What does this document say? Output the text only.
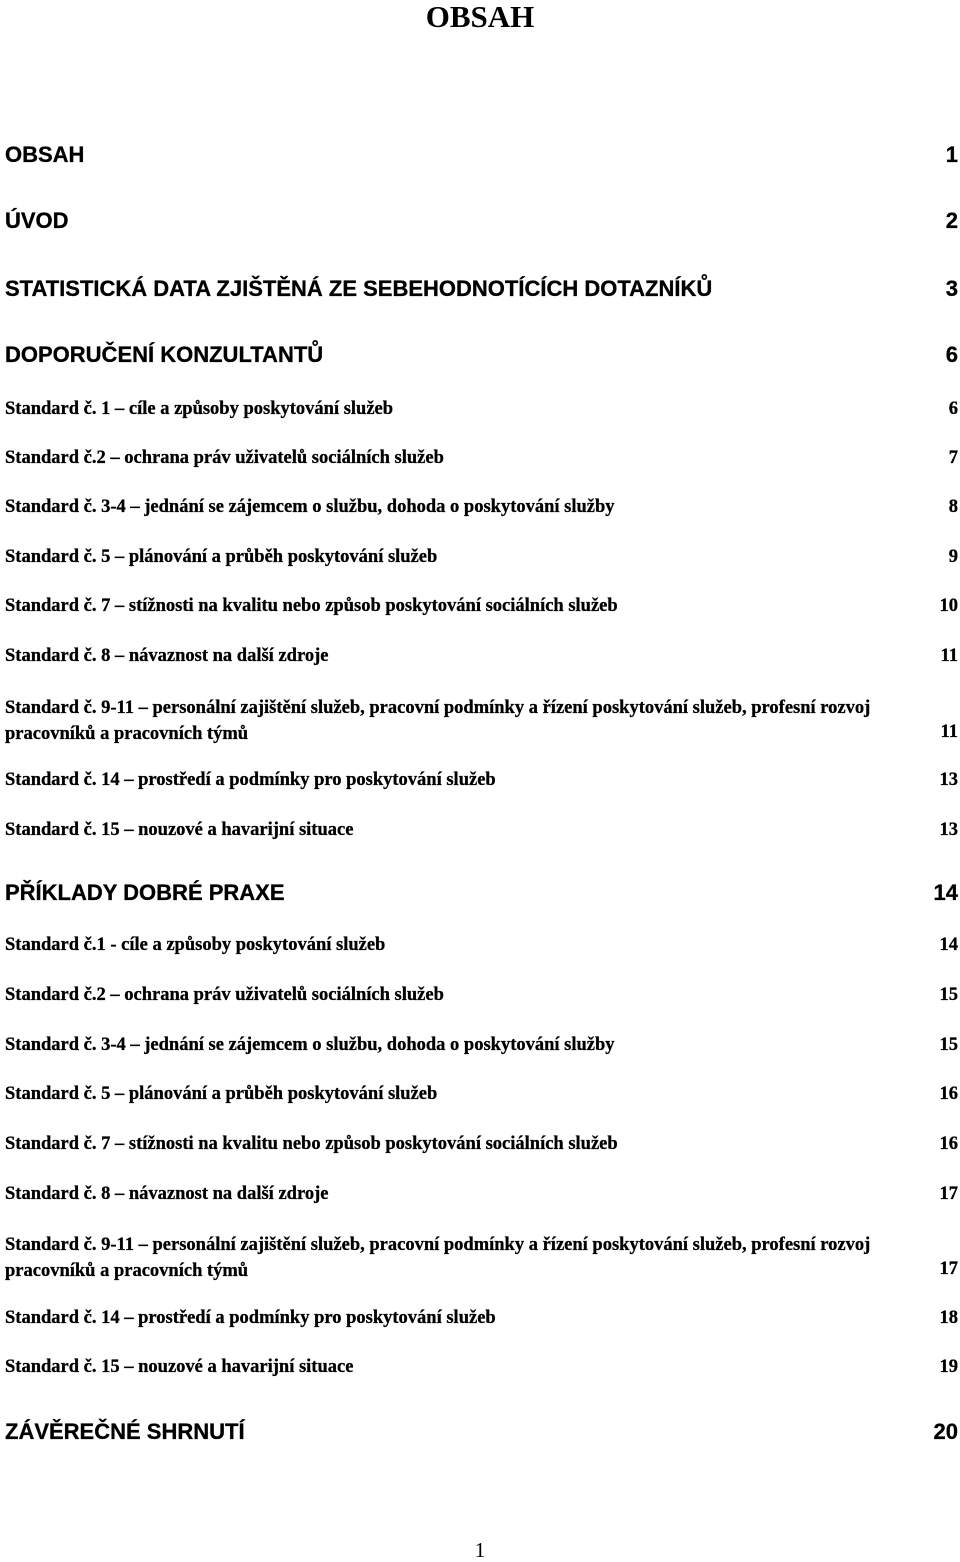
OBSAH
OBSAH	1
ÚVOD	2
STATISTICKÁ DATA ZJIŠTĚNÁ ZE SEBEHODNOTÍCÍCH DOTAZNÍKŮ	3
DOPORUČENÍ KONZULTANTŮ	6
Standard č. 1 – cíle a způsoby poskytování služeb	6
Standard č.2 – ochrana práv uživatelů sociálních služeb	7
Standard č. 3-4 – jednání se zájemcem o službu, dohoda o poskytování služby	8
Standard č. 5 – plánování a průběh poskytování služeb	9
Standard č. 7 – stížnosti na kvalitu nebo způsob poskytování sociálních služeb	10
Standard č. 8 – návaznost na další zdroje	11
Standard č. 9-11 – personální zajištění služeb, pracovní podmínky a řízení poskytování služeb, profesní rozvoj pracovníků a pracovních týmů	11
Standard č. 14 – prostředí a podmínky pro poskytování služeb	13
Standard č. 15 – nouzové a havarijní situace	13
PŘÍKLADY DOBRÉ PRAXE	14
Standard č.1 - cíle a způsoby poskytování služeb	14
Standard č.2 – ochrana práv uživatelů sociálních služeb	15
Standard č. 3-4 – jednání se zájemcem o službu, dohoda o poskytování služby	15
Standard č. 5 – plánování a průběh poskytování služeb	16
Standard č. 7 – stížnosti na kvalitu nebo způsob poskytování sociálních služeb	16
Standard č. 8 – návaznost na další zdroje	17
Standard č. 9-11 – personální zajištění služeb, pracovní podmínky a řízení poskytování služeb, profesní rozvoj pracovníků a pracovních týmů	17
Standard č. 14 – prostředí a podmínky pro poskytování služeb	18
Standard č. 15 – nouzové a havarijní situace	19
ZÁVĚREČNÉ SHRNUTÍ	20
1
